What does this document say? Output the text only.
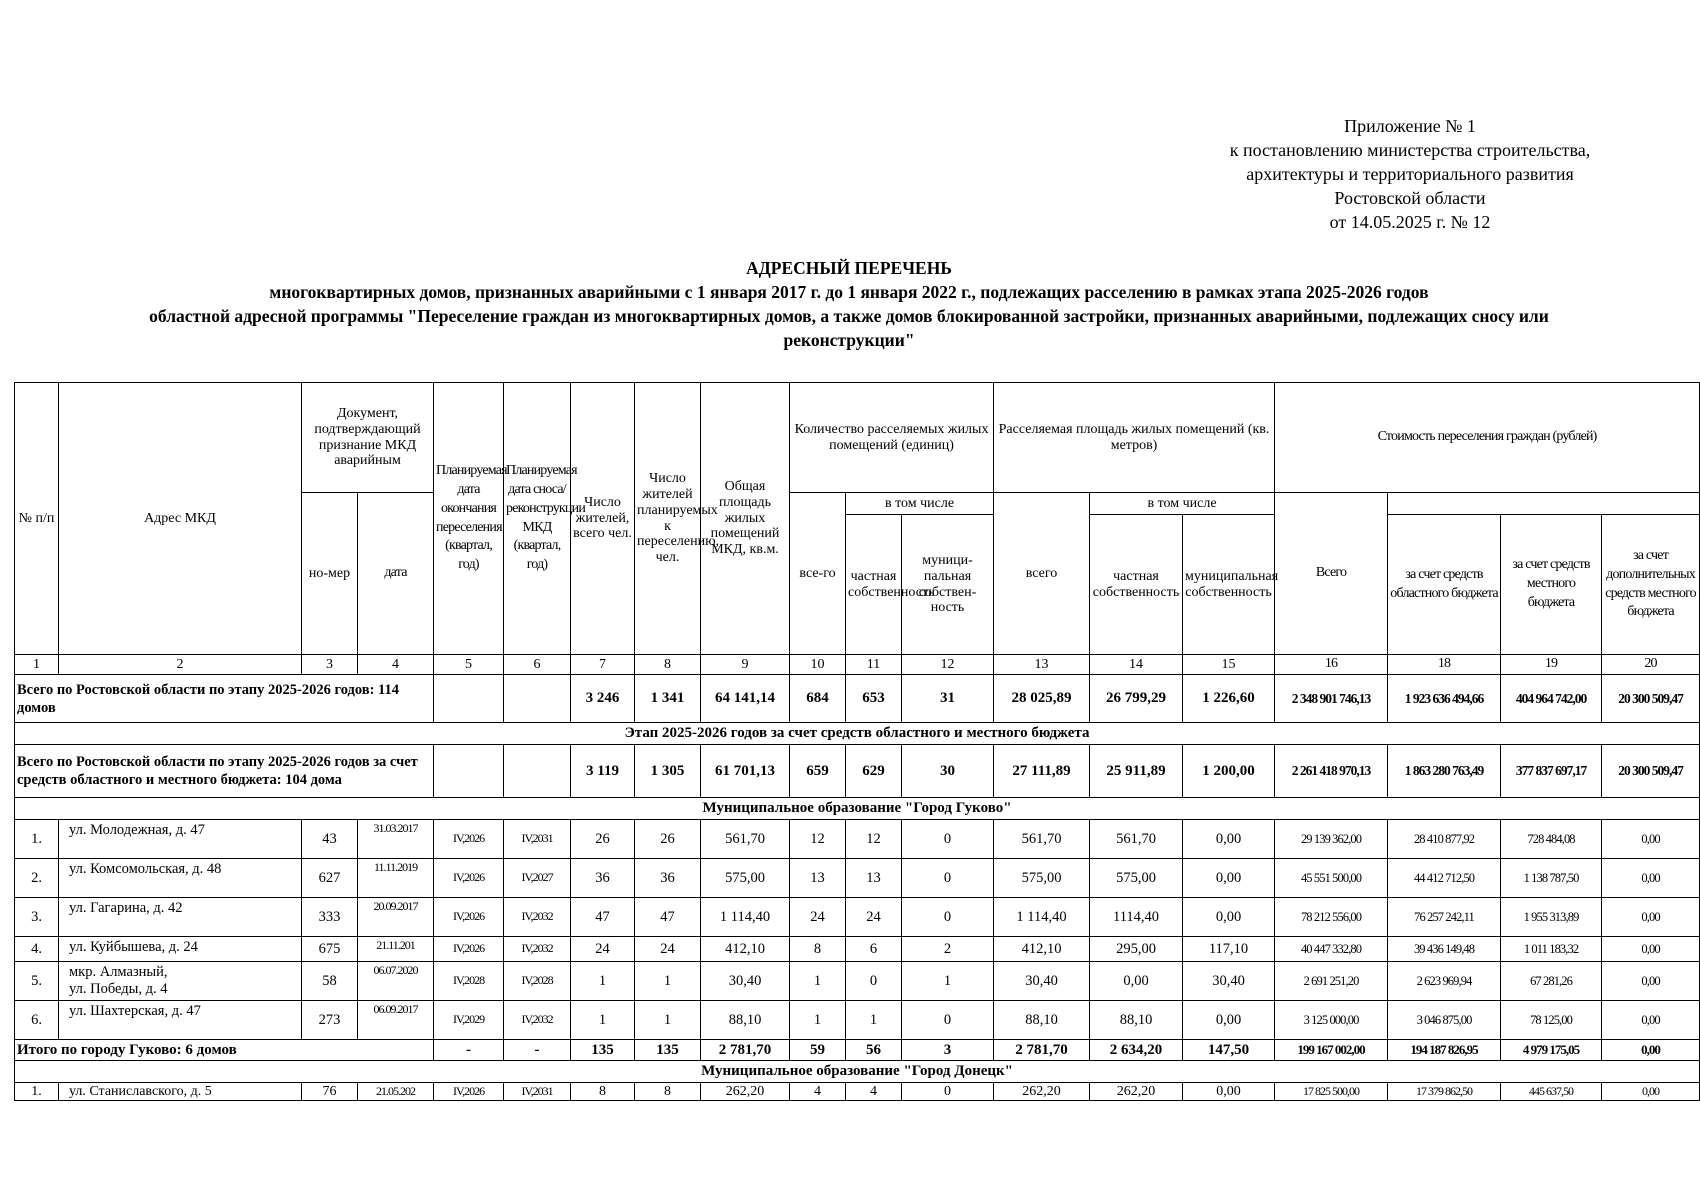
Приложение № 1
к постановлению министерства строительства,
архитектуры и территориального развития
Ростовской области
от 14.05.2025 г. № 12
АДРЕСНЫЙ ПЕРЕЧЕНЬ
многоквартирных домов, признанных аварийными с 1 января 2017 г. до 1 января 2022 г., подлежащих расселению в рамках этапа 2025-2026 годов
областной адресной программы "Переселение граждан из многоквартирных домов, а также домов блокированной застройки, признанных аварийными, подлежащих сносу или
реконструкции"
№ п/п	Адрес МКД	Документ, подтверждающий признание МКД аварийным		Планируемая дата окончания переселения (квартал, год)	Планируемая дата сноса/ реконструкции МКД (квартал, год)	Число жителей, всего чел.	Число жителей планируемых к переселению, чел.	Общая площадь жилых помещений МКД, кв.м.	Количество расселяемых жилых помещений (единиц)			Расселяемая площадь жилых помещений (кв. метров)			Стоимость переселения граждан (рублей)			
		но-мер	дата						все-го	в том числе		всего	в том числе		Всего			
										частная собственность	муници-пальная собствен-ность		частная собственность	муниципальная собственность		за счет средств областного бюджета	за счет средств местного бюджета	за счет дополнительных средств местного бюджета
1	2	3	4	5	6	7	8	9	10	11	12	13	14	15	16	18	19	20
Всего по Ростовской области по этапу 2025-2026 годов: 114 домов						3 246	1 341	64 141,14	684	653	31	28 025,89	26 799,29	1 226,60	2 348 901 746,13	1 923 636 494,66	404 964 742,00	20 300 509,47
Этап 2025-2026 годов за счет средств областного и местного бюджета																		
Всего по Ростовской области по этапу 2025-2026 годов за счет средств областного и местного бюджета: 104 дома						3 119	1 305	61 701,13	659	629	30	27 111,89	25 911,89	1 200,00	2 261 418 970,13	1 863 280 763,49	377 837 697,17	20 300 509,47
Муниципальное образование "Город Гуково"																		
1.	ул. Молодежная, д. 47	43	31.03.2017	IV,2026	IV,2031	26	26	561,70	12	12	0	561,70	561,70	0,00	29 139 362,00	28 410 877,92	728 484,08	0,00
2.	ул. Комсомольская, д. 48	627	11.11.2019	IV,2026	IV,2027	36	36	575,00	13	13	0	575,00	575,00	0,00	45 551 500,00	44 412 712,50	1 138 787,50	0,00
3.	ул. Гагарина, д. 42	333	20.09.2017	IV,2026	IV,2032	47	47	1 114,40	24	24	0	1 114,40	1114,40	0,00	78 212 556,00	76 257 242,11	1 955 313,89	0,00
4.	ул. Куйбышева, д. 24	675	21.11.201	IV,2026	IV,2032	24	24	412,10	8	6	2	412,10	295,00	117,10	40 447 332,80	39 436 149,48	1 011 183,32	0,00
5.	мкр. Алмазный,
ул. Победы, д. 4	58	06.07.2020	IV,2028	IV,2028	1	1	30,40	1	0	1	30,40	0,00	30,40	2 691 251,20	2 623 969,94	67 281,26	0,00
6.	ул. Шахтерская, д. 47	273	06.09.2017	IV,2029	IV,2032	1	1	88,10	1	1	0	88,10	88,10	0,00	3 125 000,00	3 046 875,00	78 125,00	0,00
Итого по городу Гуково: 6 домов				-	-	135	135	2 781,70	59	56	3	2 781,70	2 634,20	147,50	199 167 002,00	194 187 826,95	4 979 175,05	0,00
Муниципальное образование "Город Донецк"																		
1.	ул. Станиславского, д. 5	76	21.05.202	IV,2026	IV,2031	8	8	262,20	4	4	0	262,20	262,20	0,00	17 825 500,00	17 379 862,50	445 637,50	0,00
